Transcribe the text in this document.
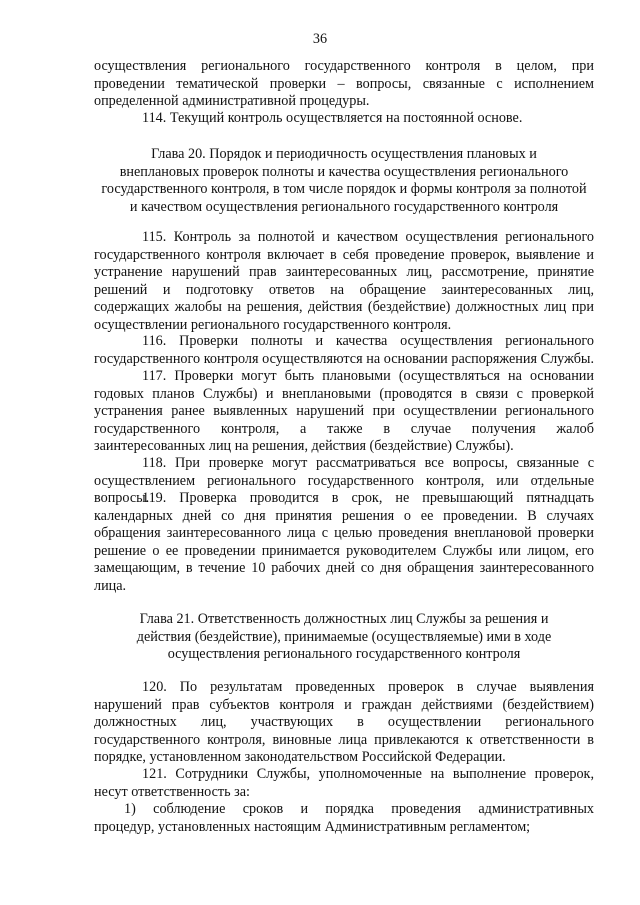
36
осуществления регионального государственного контроля в целом, при
проведении тематической проверки – вопросы, связанные с исполнением
определенной административной процедуры.
114. Текущий контроль осуществляется на постоянной основе.
Глава 20. Порядок и периодичность осуществления плановых и
внеплановых проверок полноты и качества осуществления регионального
государственного контроля, в том числе порядок и формы контроля за полнотой
и качеством осуществления регионального государственного контроля
115. Контроль за полнотой и качеством осуществления регионального
государственного контроля включает в себя проведение проверок, выявление и
устранение нарушений прав заинтересованных лиц, рассмотрение, принятие
решений и подготовку ответов на обращение заинтересованных лиц,
содержащих жалобы на решения, действия (бездействие) должностных лиц при
осуществлении регионального государственного контроля.
116. Проверки полноты и качества осуществления регионального
государственного контроля осуществляются на основании распоряжения Службы.
117. Проверки могут быть плановыми (осуществляться на основании
годовых планов Службы) и внеплановыми (проводятся в связи с проверкой
устранения ранее выявленных нарушений при осуществлении регионального
государственного контроля, а также в случае получения жалоб
заинтересованных лиц на решения, действия (бездействие) Службы).
118. При проверке могут рассматриваться все вопросы, связанные с
осуществлением регионального государственного контроля, или отдельные
вопросы.
119. Проверка проводится в срок, не превышающий пятнадцать
календарных дней со дня принятия решения о ее проведении. В случаях
обращения заинтересованного лица с целью проведения внеплановой проверки
решение о ее проведении принимается руководителем Службы или лицом, его
замещающим, в течение 10 рабочих дней со дня обращения заинтересованного
лица.
Глава 21. Ответственность должностных лиц Службы за решения и
действия (бездействие), принимаемые (осуществляемые) ими в ходе
осуществления регионального государственного контроля
120. По результатам проведенных проверок в случае выявления
нарушений прав субъектов контроля и граждан действиями (бездействием)
должностных лиц, участвующих в осуществлении регионального
государственного контроля, виновные лица привлекаются к ответственности в
порядке, установленном законодательством Российской Федерации.
121. Сотрудники Службы, уполномоченные на выполнение проверок,
несут ответственность за:
1) соблюдение сроков и порядка проведения административных
процедур, установленных настоящим Административным регламентом;
